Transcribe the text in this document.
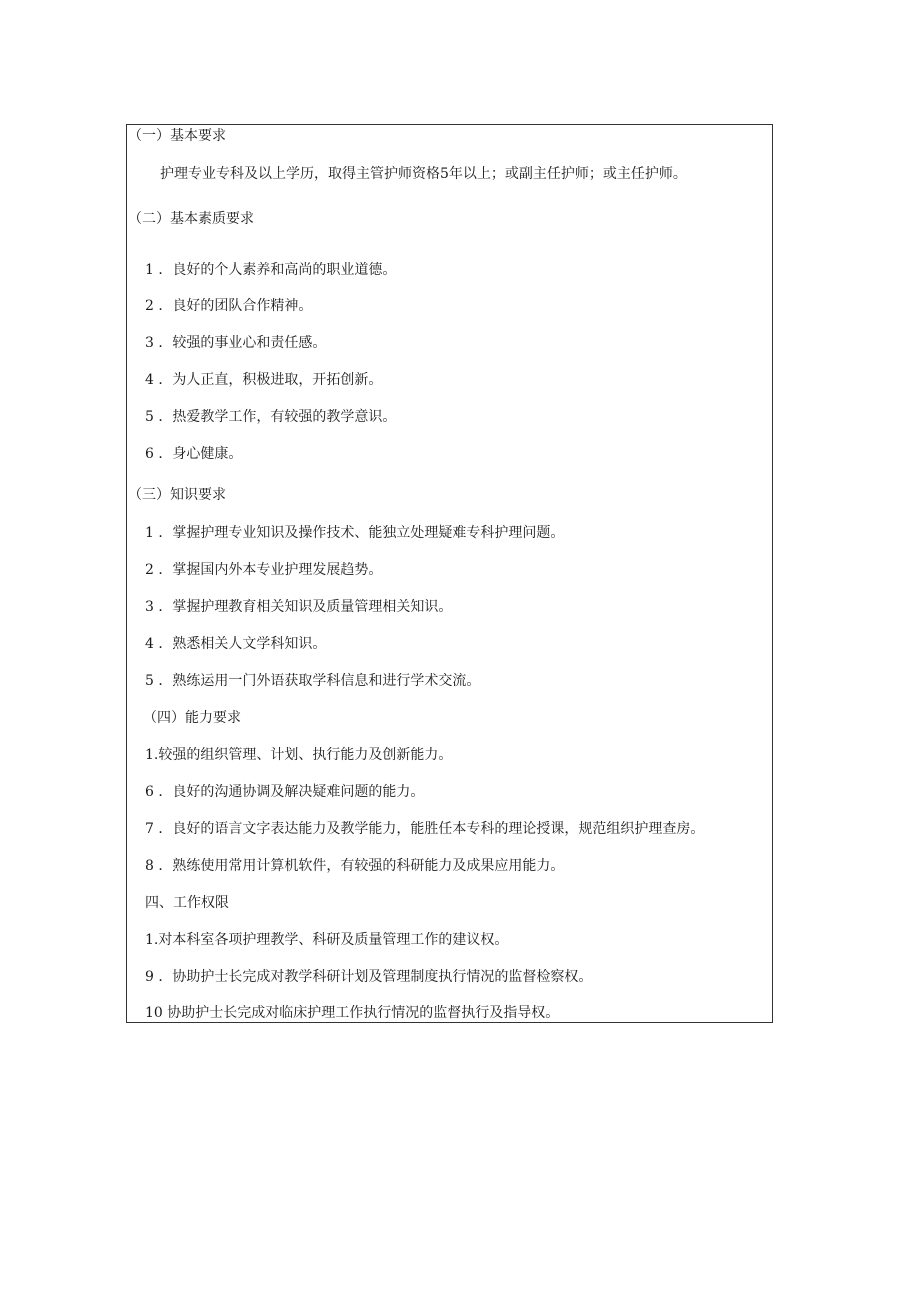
（一）基本要求
护理专业专科及以上学历，取得主管护师资格5年以上；或副主任护师；或主任护师。
（二）基本素质要求
1 ．良好的个人素养和高尚的职业道德。
2 ．良好的团队合作精神。
3 ．较强的事业心和责任感。
4 ．为人正直，积极进取，开拓创新。
5 ．热爱教学工作，有较强的教学意识。
6 ．身心健康。
（三）知识要求
1 ．掌握护理专业知识及操作技术、能独立处理疑难专科护理问题。
2 ．掌握国内外本专业护理发展趋势。
3 ．掌握护理教育相关知识及质量管理相关知识。
4 ．熟悉相关人文学科知识。
5 ．熟练运用一门外语获取学科信息和进行学术交流。
（四）能力要求
1.较强的组织管理、计划、执行能力及创新能力。
6 ．良好的沟通协调及解决疑难问题的能力。
7 ．良好的语言文字表达能力及教学能力，能胜任本专科的理论授课，规范组织护理查房。
8 ．熟练使用常用计算机软件，有较强的科研能力及成果应用能力。
四、工作权限
1.对本科室各项护理教学、科研及质量管理工作的建议权。
9 ．协助护士长完成对教学科研计划及管理制度执行情况的监督检察权。
10 协助护士长完成对临床护理工作执行情况的监督执行及指导权。
